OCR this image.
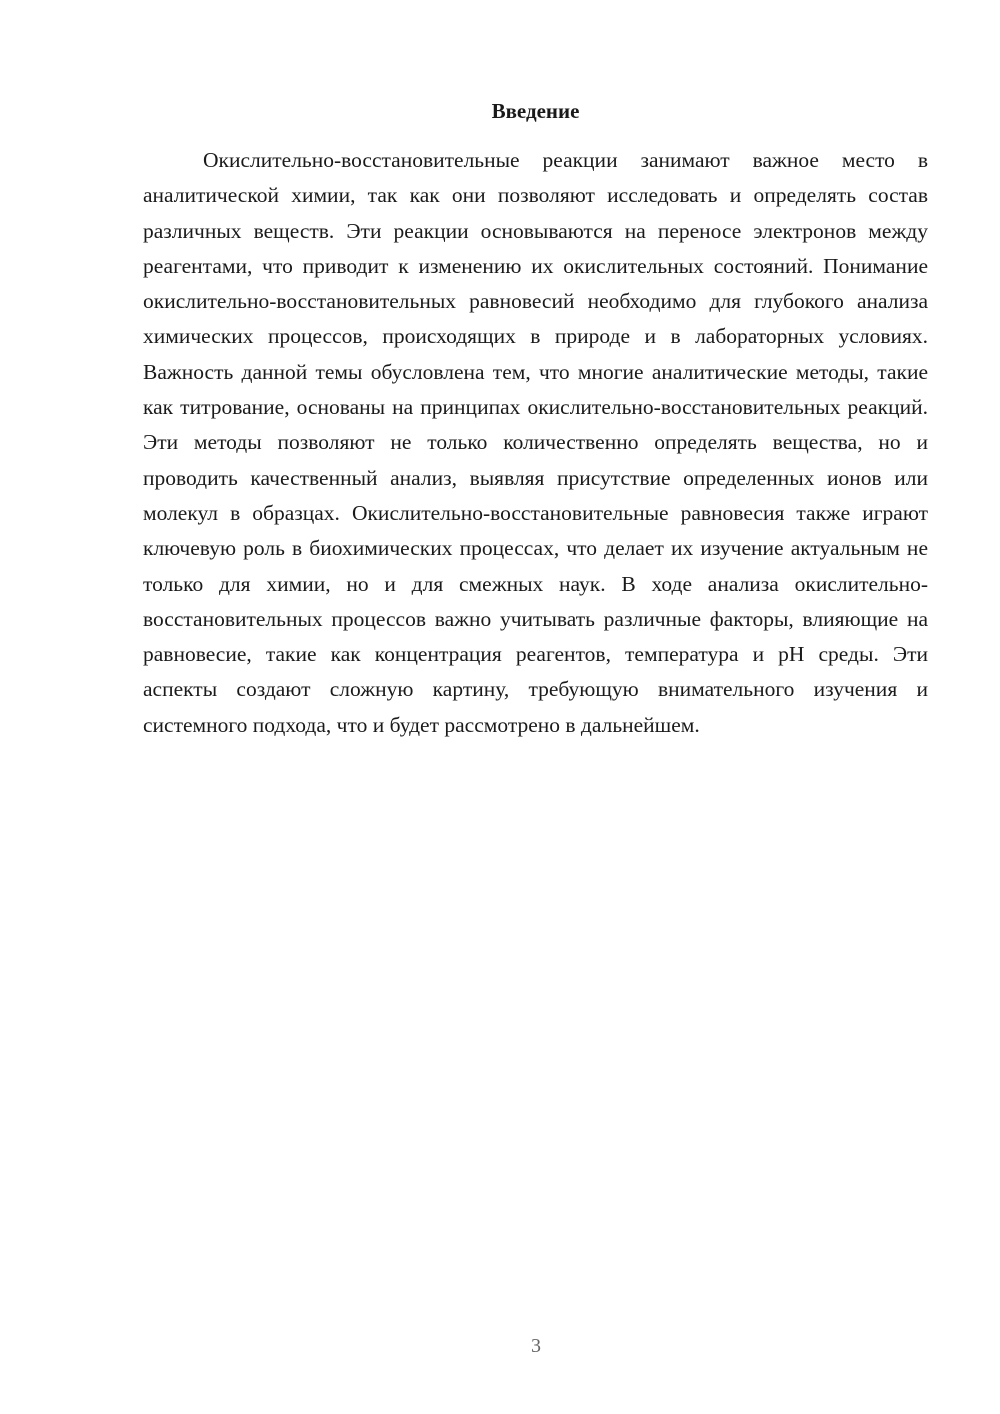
Введение

Окислительно-восстановительные реакции занимают важное место в аналитической химии, так как они позволяют исследовать и определять состав различных веществ. Эти реакции основываются на переносе электронов между реагентами, что приводит к изменению их окислительных состояний. Понимание окислительно-восстановительных равновесий необходимо для глубокого анализа химических процессов, происходящих в природе и в лабораторных условиях. Важность данной темы обусловлена тем, что многие аналитические методы, такие как титрование, основаны на принципах окислительно-восстановительных реакций. Эти методы позволяют не только количественно определять вещества, но и проводить качественный анализ, выявляя присутствие определенных ионов или молекул в образцах. Окислительно-восстановительные равновесия также играют ключевую роль в биохимических процессах, что делает их изучение актуальным не только для химии, но и для смежных наук. В ходе анализа окислительно-восстановительных процессов важно учитывать различные факторы, влияющие на равновесие, такие как концентрация реагентов, температура и pH среды. Эти аспекты создают сложную картину, требующую внимательного изучения и системного подхода, что и будет рассмотрено в дальнейшем.

3
